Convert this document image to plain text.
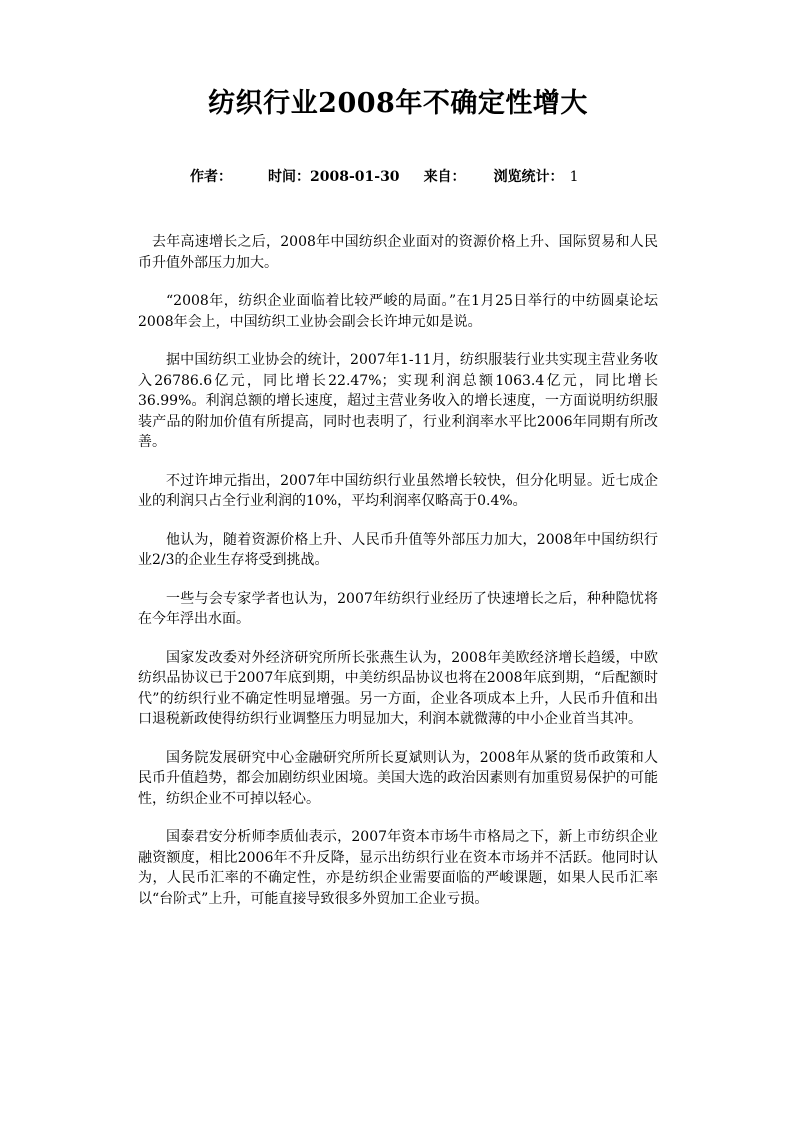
纺织行业2008年不确定性增大
作者：	时间：2008-01-30 来自： 浏览统计： 1

去年高速增长之后，2008年中国纺织企业面对的资源价格上升、国际贸易和人民币升值外部压力加大。

“2008年，纺织企业面临着比较严峻的局面。”在1月25日举行的中纺圆桌论坛2008年会上，中国纺织工业协会副会长许坤元如是说。

据中国纺织工业协会的统计，2007年1-11月，纺织服装行业共实现主营业务收入26786.6亿元，同比增长22.47%；实现利润总额1063.4亿元，同比增长36.99%。利润总额的增长速度，超过主营业务收入的增长速度，一方面说明纺织服装产品的附加价值有所提高，同时也表明了，行业利润率水平比2006年同期有所改善。

不过许坤元指出，2007年中国纺织行业虽然增长较快，但分化明显。近七成企业的利润只占全行业利润的10%，平均利润率仅略高于0.4%。

他认为，随着资源价格上升、人民币升值等外部压力加大，2008年中国纺织行业2/3的企业生存将受到挑战。

一些与会专家学者也认为，2007年纺织行业经历了快速增长之后，种种隐忧将在今年浮出水面。

国家发改委对外经济研究所所长张燕生认为，2008年美欧经济增长趋缓，中欧纺织品协议已于2007年底到期，中美纺织品协议也将在2008年底到期，“后配额时代”的纺织行业不确定性明显增强。另一方面，企业各项成本上升，人民币升值和出口退税新政使得纺织行业调整压力明显加大，利润本就微薄的中小企业首当其冲。

国务院发展研究中心金融研究所所长夏斌则认为，2008年从紧的货币政策和人民币升值趋势，都会加剧纺织业困境。美国大选的政治因素则有加重贸易保护的可能性，纺织企业不可掉以轻心。

国泰君安分析师李质仙表示，2007年资本市场牛市格局之下，新上市纺织企业融资额度，相比2006年不升反降，显示出纺织行业在资本市场并不活跃。他同时认为，人民币汇率的不确定性，亦是纺织企业需要面临的严峻课题，如果人民币汇率以“台阶式”上升，可能直接导致很多外贸加工企业亏损。
